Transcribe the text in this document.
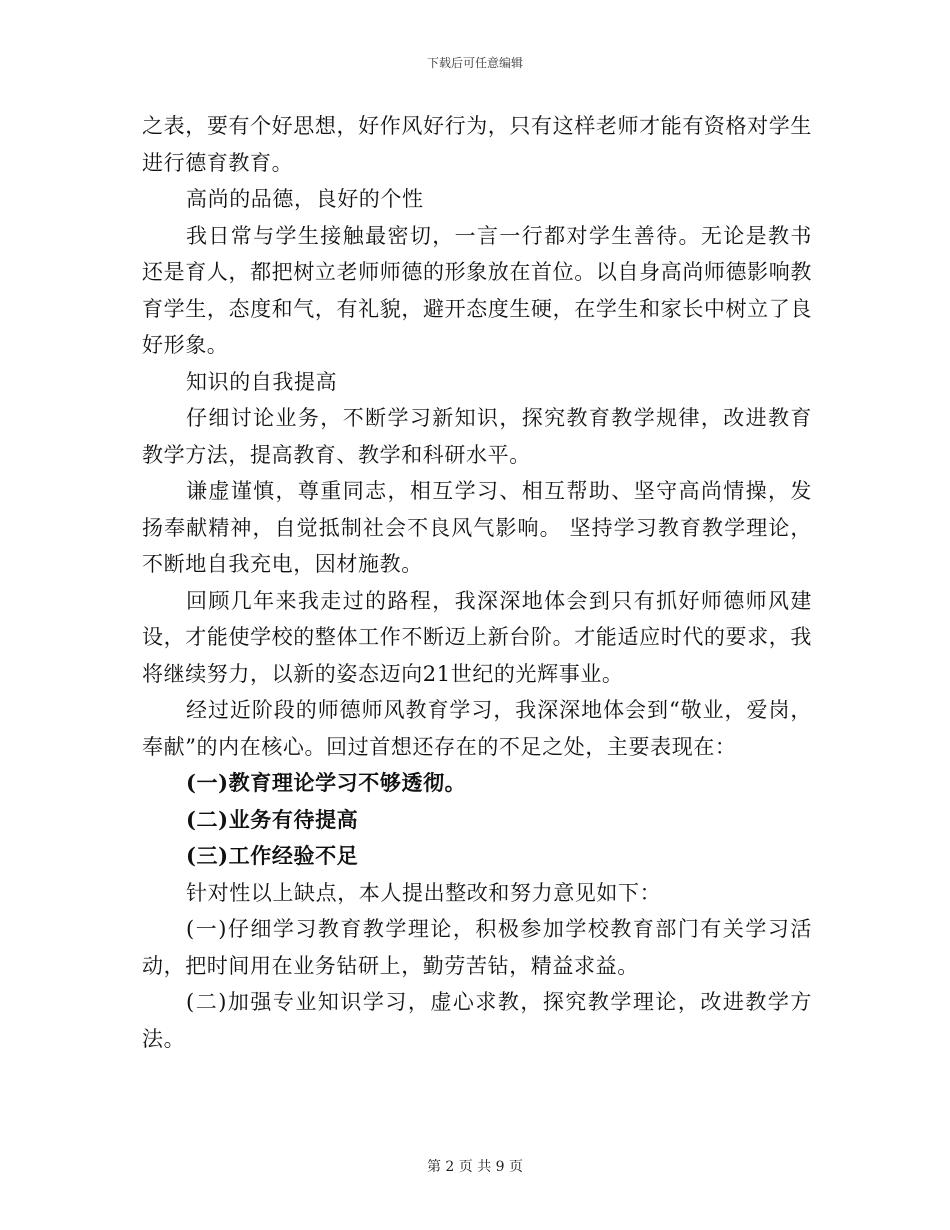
下载后可任意编辑

之表，要有个好思想，好作风好行为，只有这样老师才能有资格对学生进行德育教育。

高尚的品德，良好的个性

我日常与学生接触最密切，一言一行都对学生善待。无论是教书还是育人，都把树立老师师德的形象放在首位。以自身高尚师德影响教育学生，态度和气，有礼貌，避开态度生硬，在学生和家长中树立了良好形象。

知识的自我提高

仔细讨论业务，不断学习新知识，探究教育教学规律，改进教育教学方法，提高教育、教学和科研水平。

谦虚谨慎，尊重同志，相互学习、相互帮助、坚守高尚情操，发扬奉献精神，自觉抵制社会不良风气影响。 坚持学习教育教学理论，不断地自我充电，因材施教。

回顾几年来我走过的路程，我深深地体会到只有抓好师德师风建设，才能使学校的整体工作不断迈上新台阶。才能适应时代的要求，我将继续努力，以新的姿态迈向21世纪的光辉事业。

经过近阶段的师德师风教育学习，我深深地体会到“敬业，爱岗，奉献”的内在核心。回过首想还存在的不足之处，主要表现在：

(一)教育理论学习不够透彻。

(二)业务有待提高

(三)工作经验不足

针对性以上缺点，本人提出整改和努力意见如下：

(一)仔细学习教育教学理论，积极参加学校教育部门有关学习活动，把时间用在业务钻研上，勤劳苦钻，精益求益。

(二)加强专业知识学习，虚心求教，探究教学理论，改进教学方法。

第 2 页 共 9 页
